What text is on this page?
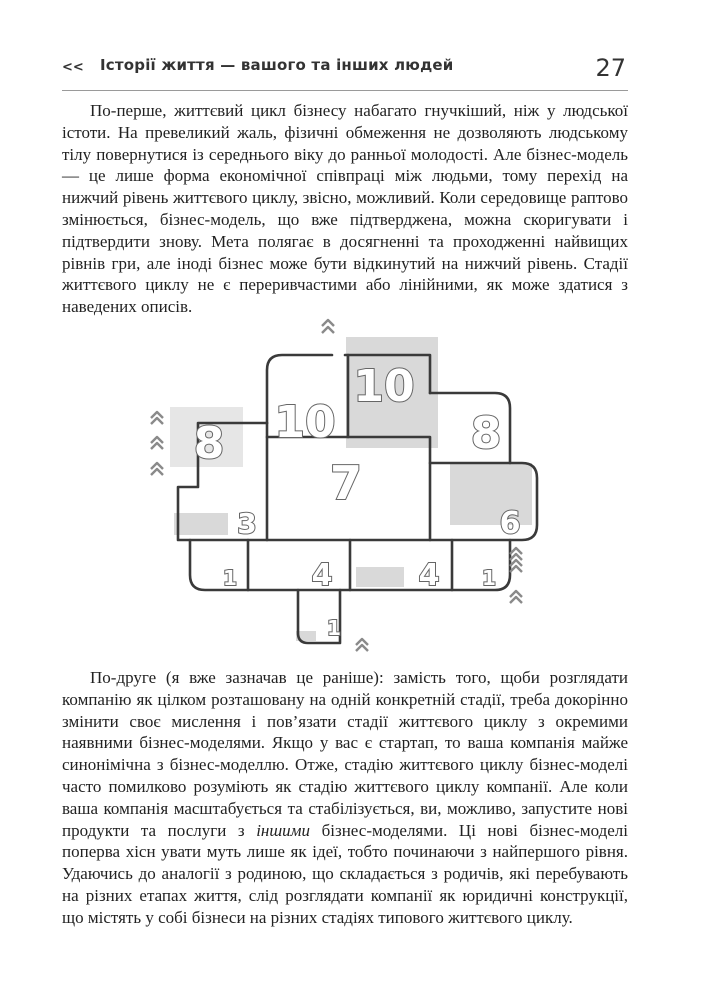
<< Історії життя — вашого та інших людей	27

По-перше, життєвий цикл бізнесу набагато гнучкіший, ніж у людської істоти. На превеликий жаль, фізичні обмеження не дозволяють людському тілу повернутися із середнього віку до ранньої молодості. Але бізнес-модель — це лише форма економічної співпраці між людьми, тому перехід на нижчий рівень життєвого циклу, звісно, можливий. Коли середовище раптово змінюється, бізнес-модель, що вже підтверджена, можна скоригувати і підтвердити знову. Мета полягає в досягненні та проходженні найвищих рівнів гри, але іноді бізнес може бути відкинутий на нижчий рівень. Стадії життєвого циклу не є переривчастими або лінійними, як може здатися з наведених описів.

8 10
10
8
7
3	6
1 4	4 1
1

По-друге (я вже зазначав це раніше): замість того, щоби розглядати компанію як цілком розташовану на одній конкретній стадії, треба докорінно змінити своє мислення і пов’язати стадії життєвого циклу з окремими наявними бізнес-моделями. Якщо у вас є стартап, то ваша компанія майже синонімічна з бізнес-моделлю. Отже, стадію життєвого циклу бізнес-моделі часто помилково розуміють як стадію життєвого циклу компанії. Але коли ваша компанія масштабується та стабілізується, ви, можливо, запустите нові продукти та послуги з іншими бізнес-моделями. Ці нові бізнес-моделі поперва хісн увати муть лише як ідеї, тобто починаючи з найпершого рівня. Удаючись до аналогії з родиною, що складається з родичів, які перебувають на різних етапах життя, слід розглядати компанії як юридичні конструкції, що містять у собі бізнеси на різних стадіях типового життєвого циклу.
